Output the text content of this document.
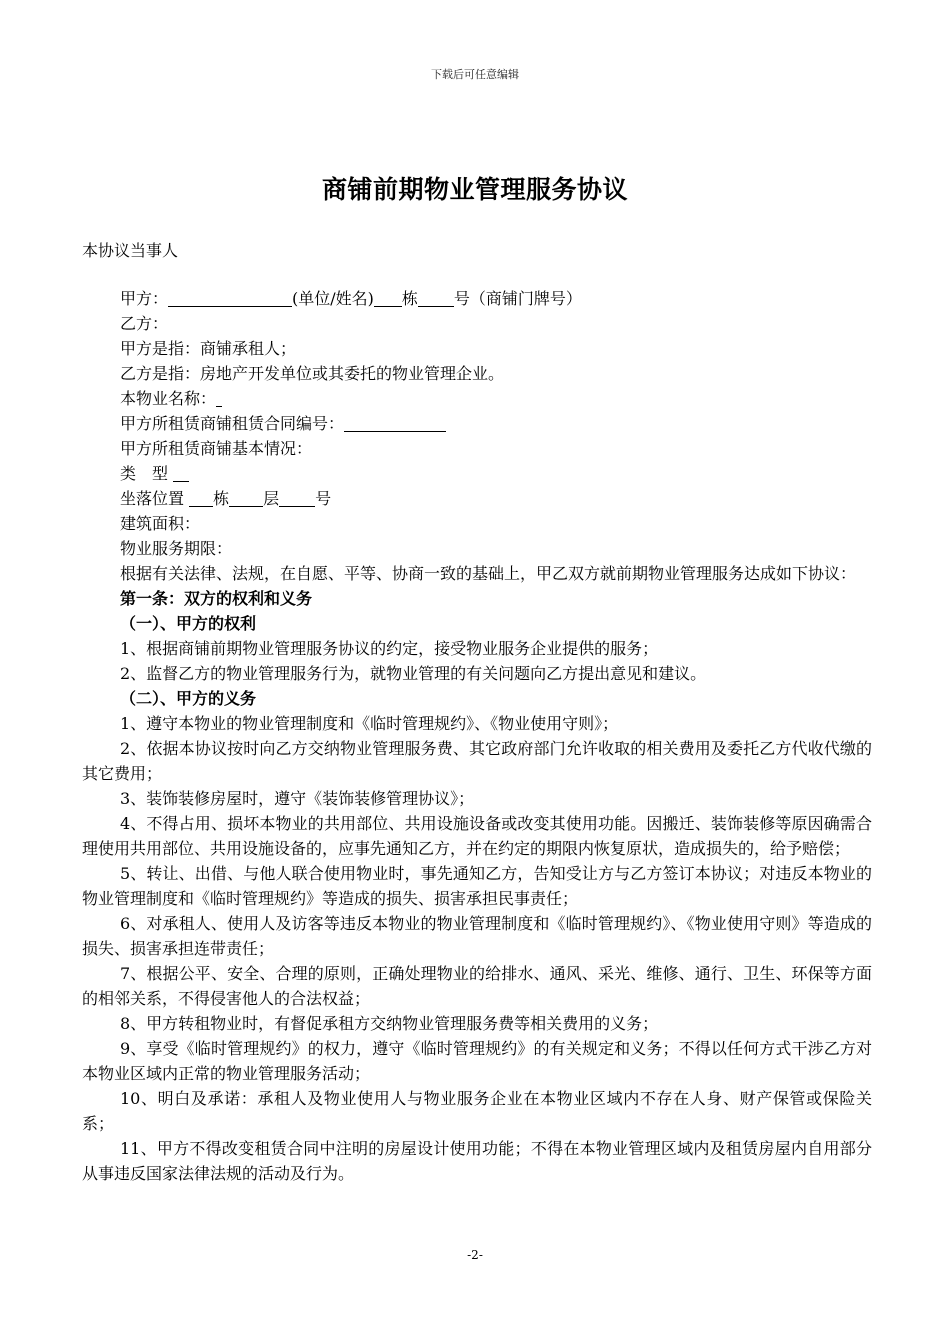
下载后可任意编辑
商铺前期物业管理服务协议
本协议当事人

甲方：	(单位/姓名) 栋 号（商铺门牌号）

乙方：

甲方是指：商铺承租人；

乙方是指：房地产开发单位或其委托的物业管理企业。

本物业名称：

甲方所租赁商铺租赁合同编号：

甲方所租赁商铺基本情况：

类　型

坐落位置 栋 层 号

建筑面积：

物业服务期限：

根据有关法律、法规，在自愿、平等、协商一致的基础上，甲乙双方就前期物业管理服务达成如下协议：

第一条：双方的权利和义务

（一）、甲方的权利

1、根据商铺前期物业管理服务协议的约定，接受物业服务企业提供的服务；

2、监督乙方的物业管理服务行为，就物业管理的有关问题向乙方提出意见和建议。

（二）、甲方的义务

1、遵守本物业的物业管理制度和《临时管理规约》、《物业使用守则》；

2、依据本协议按时向乙方交纳物业管理服务费、其它政府部门允许收取的相关费用及委托乙方代收代缴的其它费用；

3、装饰装修房屋时，遵守《装饰装修管理协议》；

4、不得占用、损坏本物业的共用部位、共用设施设备或改变其使用功能。因搬迁、装饰装修等原因确需合理使用共用部位、共用设施设备的，应事先通知乙方，并在约定的期限内恢复原状，造成损失的，给予赔偿；

5、转让、出借、与他人联合使用物业时，事先通知乙方，告知受让方与乙方签订本协议；对违反本物业的物业管理制度和《临时管理规约》等造成的损失、损害承担民事责任；

6、对承租人、使用人及访客等违反本物业的物业管理制度和《临时管理规约》、《物业使用守则》等造成的损失、损害承担连带责任；

7、根据公平、安全、合理的原则，正确处理物业的给排水、通风、采光、维修、通行、卫生、环保等方面的相邻关系，不得侵害他人的合法权益；

8、甲方转租物业时，有督促承租方交纳物业管理服务费等相关费用的义务；

9、享受《临时管理规约》的权力，遵守《临时管理规约》的有关规定和义务；不得以任何方式干涉乙方对本物业区域内正常的物业管理服务活动；

10、明白及承诺：承租人及物业使用人与物业服务企业在本物业区域内不存在人身、财产保管或保险关系；

11、甲方不得改变租赁合同中注明的房屋设计使用功能；不得在本物业管理区域内及租赁房屋内自用部分从事违反国家法律法规的活动及行为。

-2-
